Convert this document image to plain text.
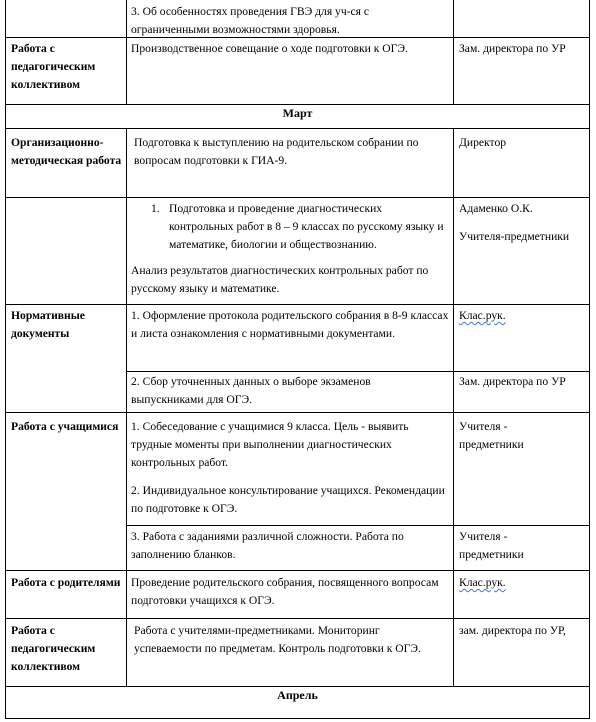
3. Об особенностях проведения ГВЭ для уч-ся с ограниченными возможностями здоровья.
Работа с педагогическим коллективом
Производственное совещание о ходе подготовки к ОГЭ.	Зам. директора по УР
Март
Организационно-методическая работа
Подготовка к выступлению на родительском собрании по вопросам подготовки к ГИА-9.
Директор
1. Подготовка и проведение диагностических контрольных работ в 8 – 9 классах по русскому языку и математике, биологии и обществознанию.
Анализ результатов диагностических контрольных работ по русскому языку и математике.
Адаменко О.К.
Учителя-предметники
Нормативные документы
1. Оформление протокола родительского собрания в 8-9 классах и листа ознакомления с нормативными документами.
Клас.рук.
2. Сбор уточненных данных о выборе экзаменов выпускниками для ОГЭ.
Зам. директора по УР
Работа с учащимися	1. Собеседование с учащимися 9 класса. Цель - выявить трудные моменты при выполнении диагностических контрольных работ.
2. Индивидуальное консультирование учащихся. Рекомендации по подготовке к ОГЭ.
Учителя - предметники
3. Работа с заданиями различной сложности. Работа по заполнению бланков.
Учителя - предметники
Работа с родителями Проведение родительского собрания, посвященного вопросам подготовки учащихся к ОГЭ.
Клас.рук.
Работа с педагогическим коллективом
Работа с учителями-предметниками. Мониторинг успеваемости по предметам. Контроль подготовки к ОГЭ.
зам. директора по УР,
Апрель
